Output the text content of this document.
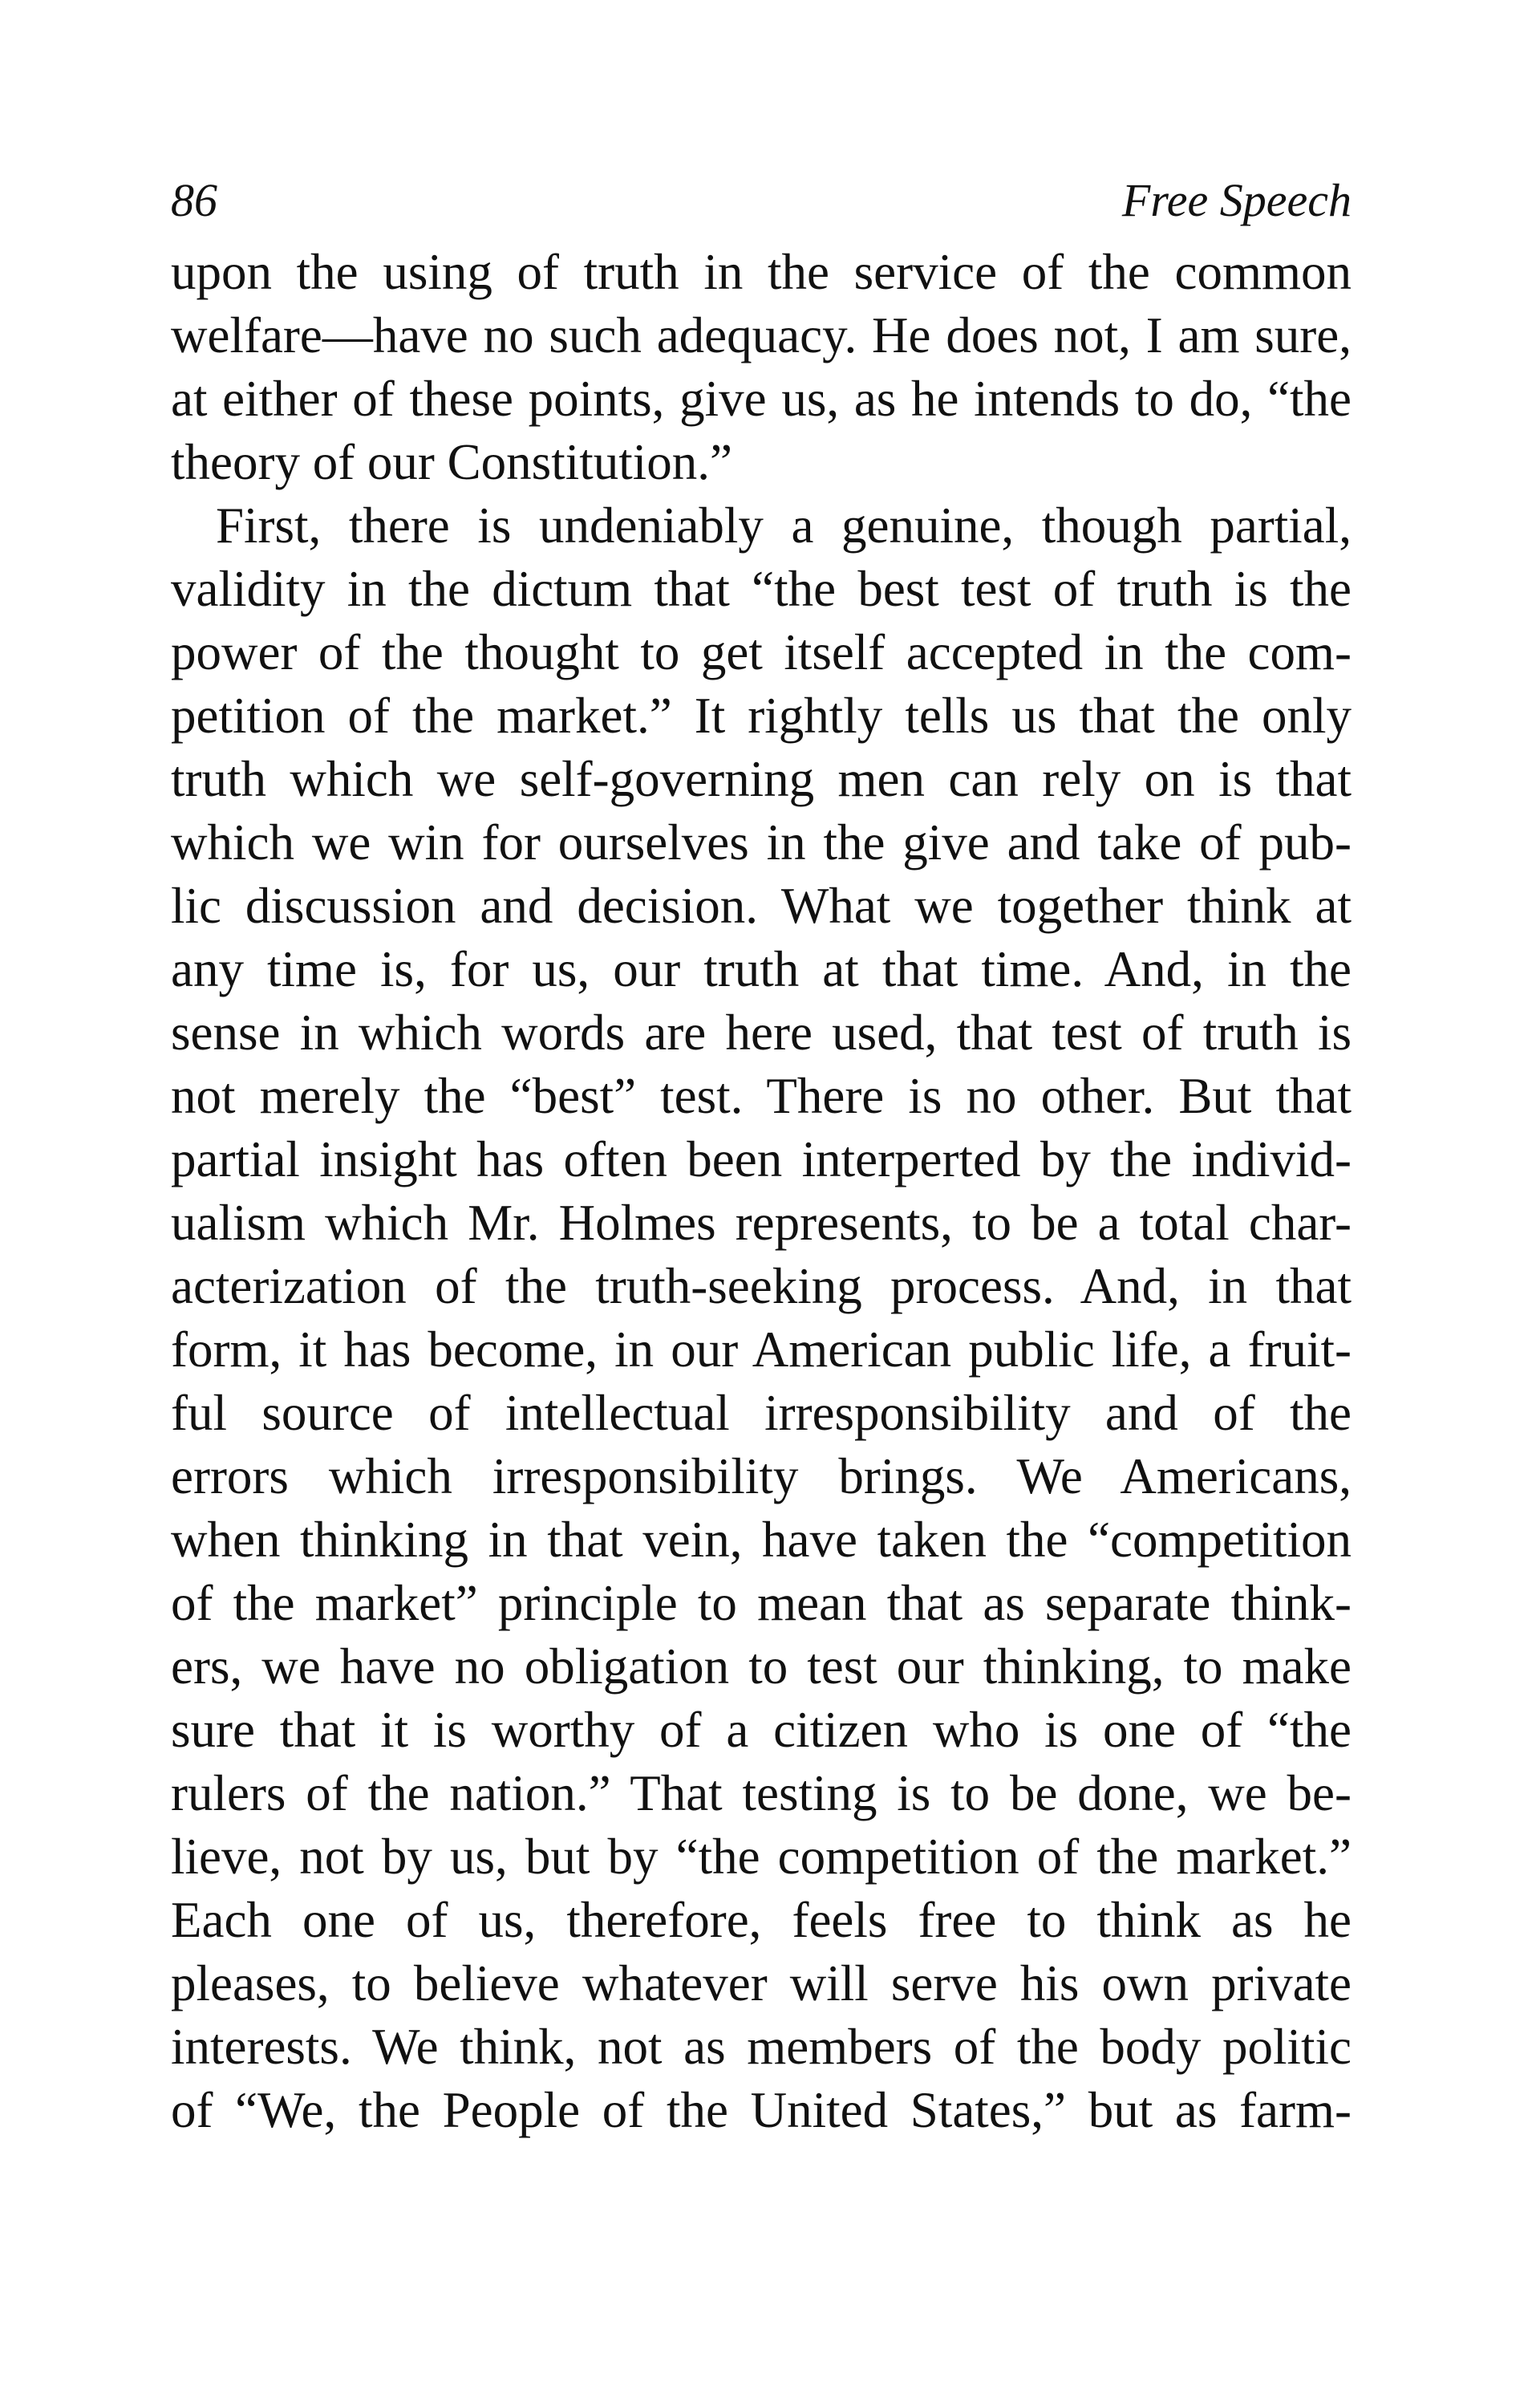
86	Free Speech
upon the using of truth in the service of the common
welfare—have no such adequacy. He does not, I am sure,
at either of these points, give us, as he intends to do, “the
theory of our Constitution.”
First, there is undeniably a genuine, though partial,
validity in the dictum that “the best test of truth is the
power of the thought to get itself accepted in the com-
petition of the market.” It rightly tells us that the only
truth which we self-governing men can rely on is that
which we win for ourselves in the give and take of pub-
lic discussion and decision. What we together think at
any time is, for us, our truth at that time. And, in the
sense in which words are here used, that test of truth is
not merely the “best” test. There is no other. But that
partial insight has often been interperted by the individ-
ualism which Mr. Holmes represents, to be a total char-
acterization of the truth-seeking process. And, in that
form, it has become, in our American public life, a fruit-
ful source of intellectual irresponsibility and of the
errors which irresponsibility brings. We Americans,
when thinking in that vein, have taken the “competition
of the market” principle to mean that as separate think-
ers, we have no obligation to test our thinking, to make
sure that it is worthy of a citizen who is one of “the
rulers of the nation.” That testing is to be done, we be-
lieve, not by us, but by “the competition of the market.”
Each one of us, therefore, feels free to think as he
pleases, to believe whatever will serve his own private
interests. We think, not as members of the body politic
of “We, the People of the United States,” but as farm-
